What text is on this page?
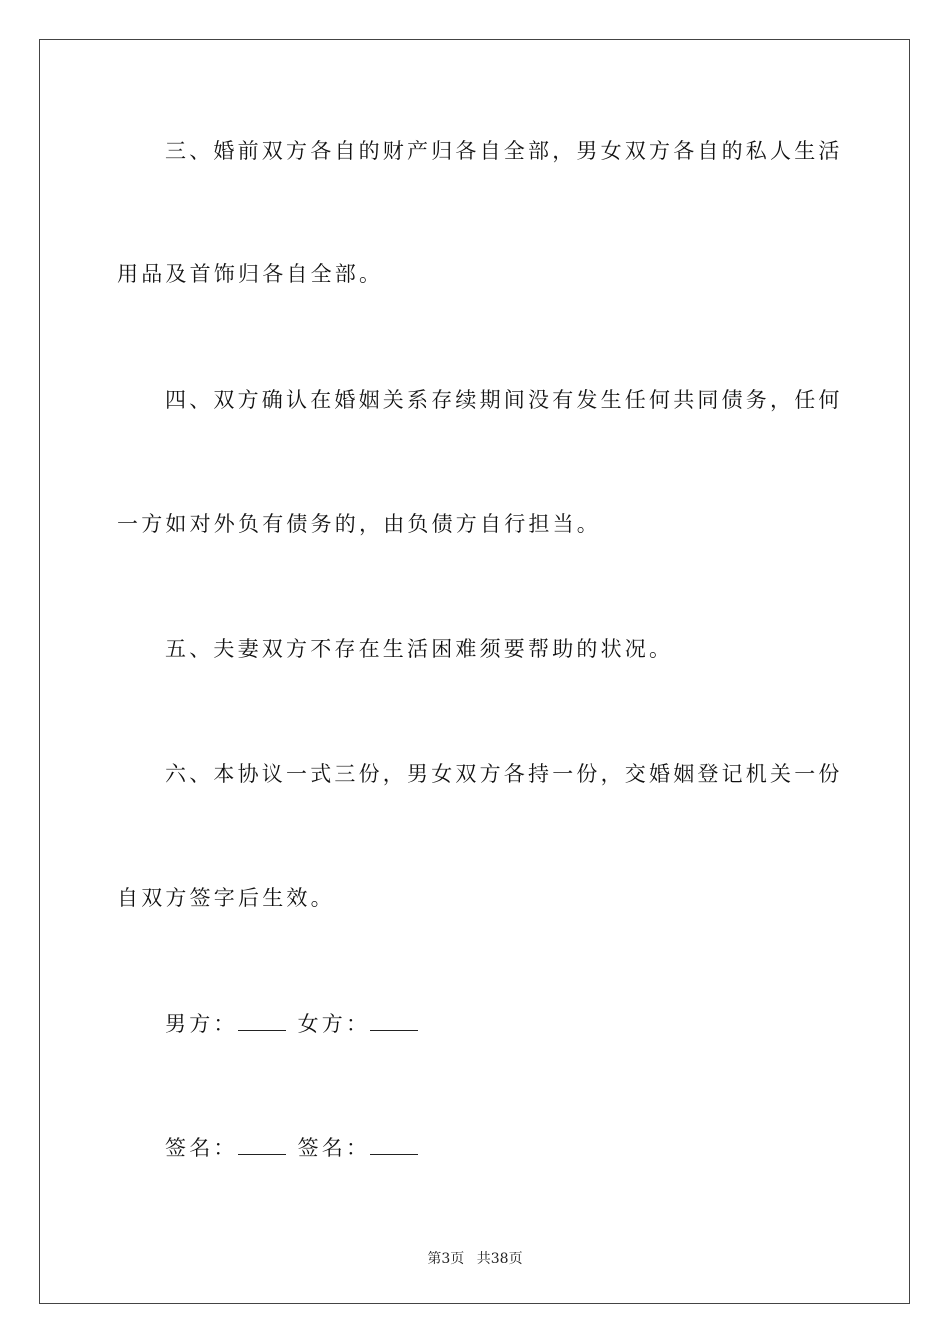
三、婚前双方各自的财产归各自全部，男女双方各自的私人生活
用品及首饰归各自全部。
四、双方确认在婚姻关系存续期间没有发生任何共同债务，任何
一方如对外负有债务的，由负债方自行担当。
五、夫妻双方不存在生活困难须要帮助的状况。
六、本协议一式三份，男女双方各持一份，交婚姻登记机关一份
自双方签字后生效。
男方：	女方：
签名：	签名：
第3页 共38页
